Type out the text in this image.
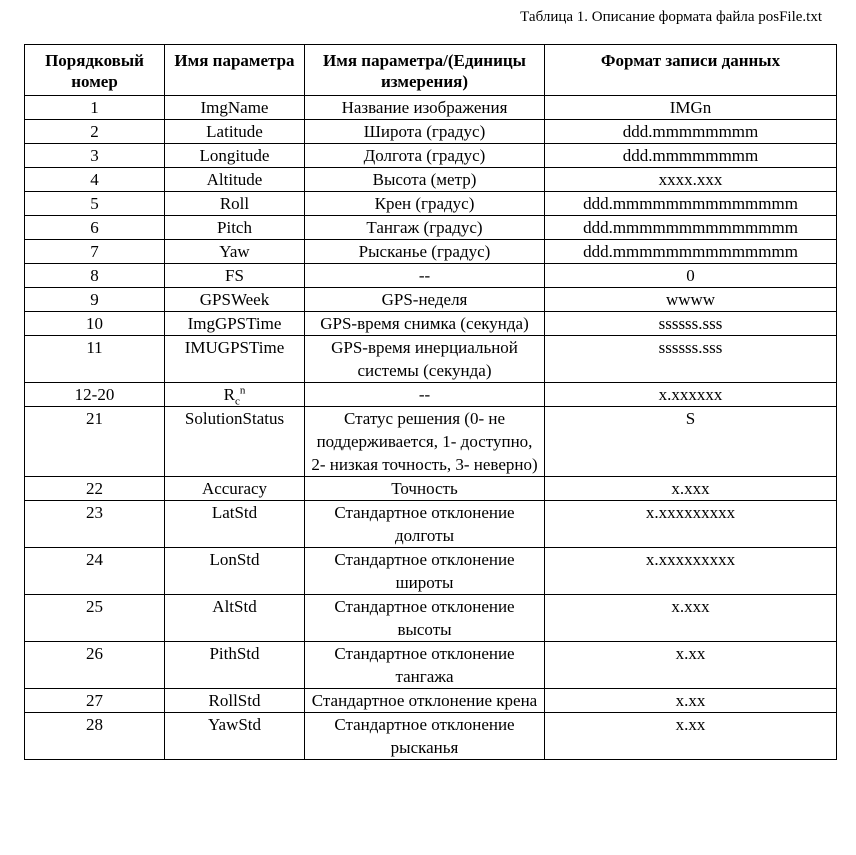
Таблица 1. Описание формата файла posFile.txt
Порядковый номер	Имя параметра	Имя параметра/(Единицы измерения)	Формат записи данных
1	ImgName	Название изображения	IMGn
2	Latitude	Широта (градус)	ddd.mmmmmmmm
3	Longitude	Долгота (градус)	ddd.mmmmmmmm
4	Altitude	Высота (метр)	xxxx.xxx
5	Roll	Крен (градус)	ddd.mmmmmmmmmmmmmm
6	Pitch	Тангаж (градус)	ddd.mmmmmmmmmmmmmm
7	Yaw	Рысканье (градус)	ddd.mmmmmmmmmmmmmm
8	FS	--	0
9	GPSWeek	GPS-неделя	wwww
10	ImgGPSTime	GPS-время снимка (секунда)	ssssss.sss
11	IMUGPSTime	GPS-время инерциальной системы (секунда)	ssssss.sss
12-20	$R_c^n$	--	x.xxxxxx
21	SolutionStatus	Статус решения (0- не поддерживается, 1- доступно, 2- низкая точность, 3- неверно)	S
22	Accuracy	Точность	x.xxx
23	LatStd	Стандартное отклонение долготы	x.xxxxxxxxx
24	LonStd	Стандартное отклонение широты	x.xxxxxxxxx
25	AltStd	Стандартное отклонение высоты	x.xxx
26	PithStd	Стандартное отклонение тангажа	x.xx
27	RollStd	Стандартное отклонение крена	x.xx
28	YawStd	Стандартное отклонение рысканья	x.xx
